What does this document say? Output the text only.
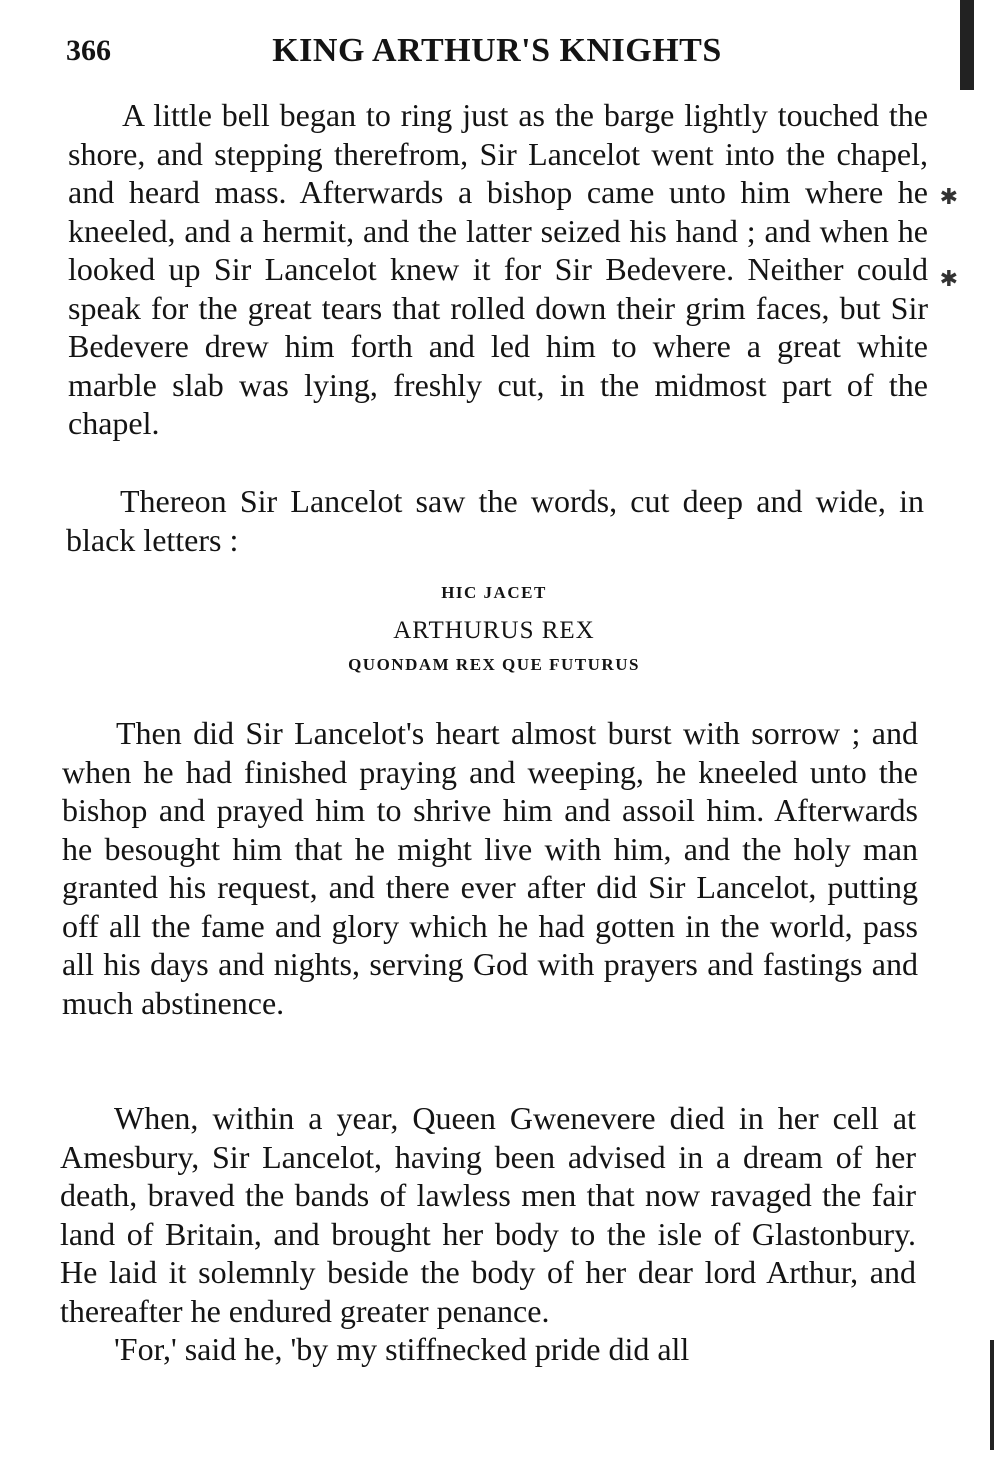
366	KING ARTHUR'S KNIGHTS

A little bell began to ring just as the barge lightly touched the shore, and stepping therefrom, Sir Lancelot went into the chapel, and heard mass. Afterwards a bishop came unto him where he kneeled, and a hermit, and the latter seized his hand ; and when he looked up Sir Lancelot knew it for Sir Bedevere. Neither could speak for the great tears that rolled down their grim faces, but Sir Bedevere drew him forth and led him to where a great white marble slab was lying, freshly cut, in the midmost part of the chapel.

Thereon Sir Lancelot saw the words, cut deep and wide, in black letters :

HIC JACET
ARTHURUS REX
QUONDAM REX QUE FUTURUS

Then did Sir Lancelot's heart almost burst with sorrow ; and when he had finished praying and weeping, he kneeled unto the bishop and prayed him to shrive him and assoil him. Afterwards he besought him that he might live with him, and the holy man granted his request, and there ever after did Sir Lancelot, putting off all the fame and glory which he had gotten in the world, pass all his days and nights, serving God with prayers and fastings and much abstinence.

When, within a year, Queen Gwenevere died in her cell at Amesbury, Sir Lancelot, having been advised in a dream of her death, braved the bands of lawless men that now ravaged the fair land of Britain, and brought her body to the isle of Glastonbury. He laid it solemnly beside the body of her dear lord Arthur, and thereafter he endured greater penance.

'For,' said he, 'by my stiffnecked pride did all

✱
✱
